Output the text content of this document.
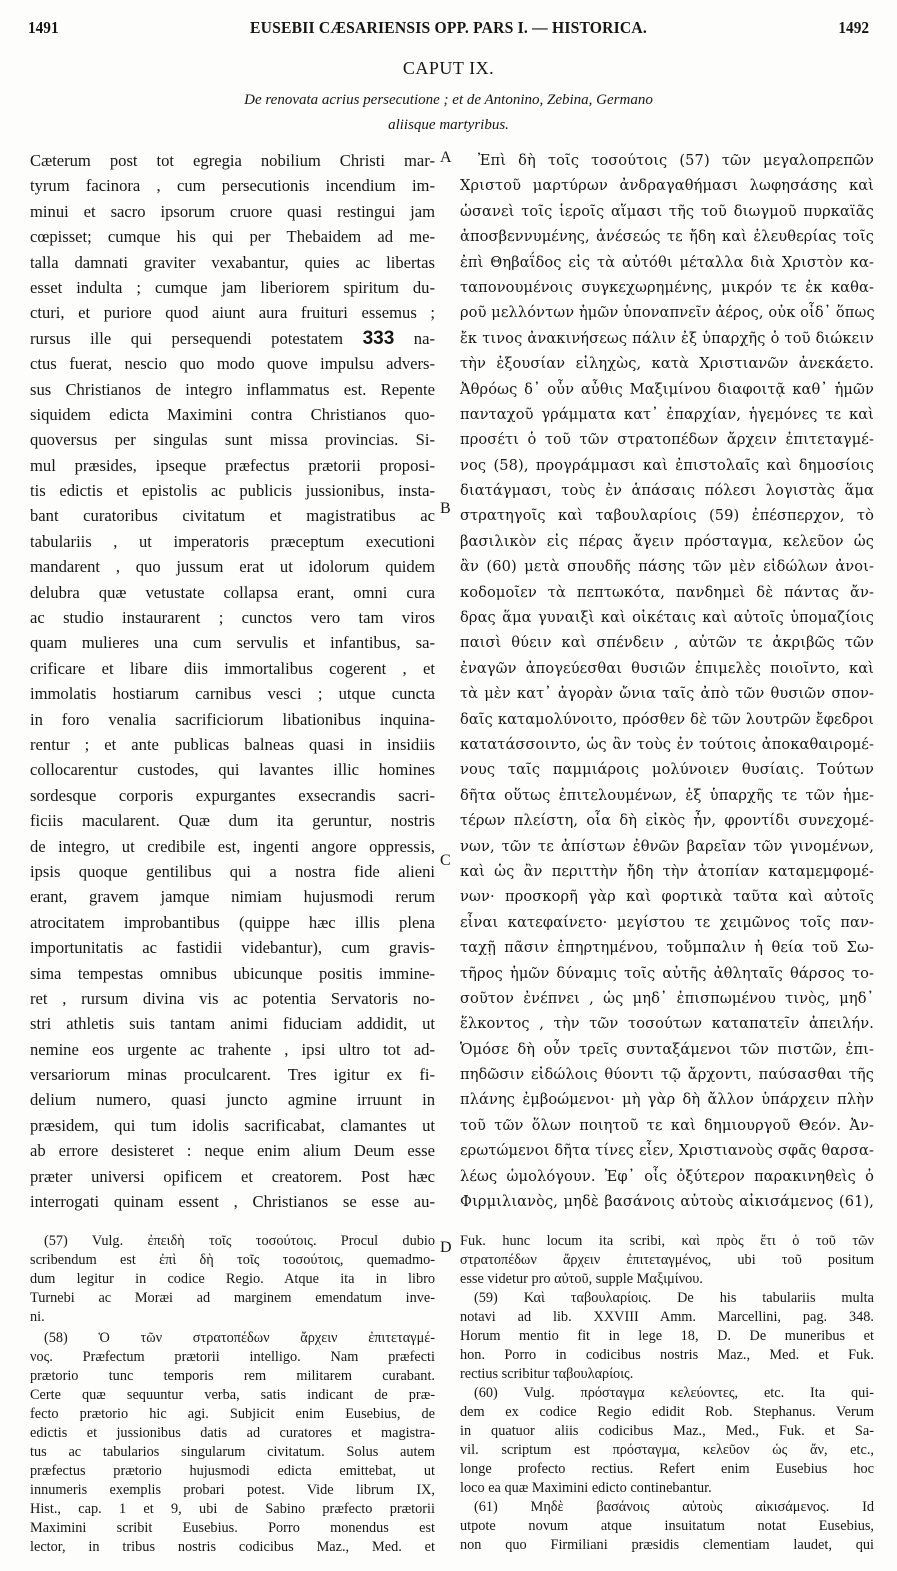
1491	EUSEBII CÆSARIENSIS OPP. PARS I. — HISTORICA.	1492
CAPUT IX.
De renovata acrius persecutione ; et de Antonino, Zebina, Germano
aliisque martyribus.
A
B
C
D
Cæterum post tot egregia nobilium Christi mar-
tyrum facinora , cum persecutionis incendium im-
minui et sacro ipsorum cruore quasi restingui jam
cœpisset; cumque his qui per Thebaidem ad me-
talla damnati graviter vexabantur, quies ac libertas
esset indulta ; cumque jam liberiorem spiritum du-
cturi, et puriore quod aiunt aura fruituri essemus ;
rursus ille qui persequendi potestatem 333 na-
ctus fuerat, nescio quo modo quove impulsu advers-
sus Christianos de integro inflammatus est. Repente
siquidem edicta Maximini contra Christianos quo-
quoversus per singulas sunt missa provincias. Si-
mul præsides, ipseque præfectus prætorii proposi-
tis edictis et epistolis ac publicis jussionibus, insta-
bant curatoribus civitatum et magistratibus ac
tabulariis , ut imperatoris præceptum executioni
mandarent , quo jussum erat ut idolorum quidem
delubra quæ vetustate collapsa erant, omni cura
ac studio instaurarent ; cunctos vero tam viros
quam mulieres una cum servulis et infantibus, sa-
crificare et libare diis immortalibus cogerent , et
immolatis hostiarum carnibus vesci ; utque cuncta
in foro venalia sacrificiorum libationibus inquina-
rentur ; et ante publicas balneas quasi in insidiis
collocarentur custodes, qui lavantes illic homines
sordesque corporis expurgantes exsecrandis sacri-
ficiis macularent. Quæ dum ita geruntur, nostris
de integro, ut credibile est, ingenti angore oppressis,
ipsis quoque gentilibus qui a nostra fide alieni
erant, gravem jamque nimiam hujusmodi rerum
atrocitatem improbantibus (quippe hæc illis plena
importunitatis ac fastidii videbantur), cum gravis-
sima tempestas omnibus ubicunque positis immine-
ret , rursum divina vis ac potentia Servatoris no-
stri athletis suis tantam animi fiduciam addidit, ut
nemine eos urgente ac trahente , ipsi ultro tot ad-
versariorum minas proculcarent. Tres igitur ex fi-
delium numero, quasi juncto agmine irruunt in
præsidem, qui tum idolis sacrificabat, clamantes ut
ab errore desisteret : neque enim alium Deum esse
præter universi opificem et creatorem. Post hæc
interrogati quinam essent , Christianos se esse au-
(57) Vulg. ἐπειδὴ τοῖς τοσούτοις. Procul dubio
scribendum est ἐπὶ δὴ τοῖς τοσούτοις, quemadmo-
dum legitur in codice Regio. Atque ita in libro
Turnebi ac Moræi ad marginem emendatum inve-
ni.
(58) Ὁ τῶν στρατοπέδων ἄρχειν ἐπιτεταγμέ-
νος. Præfectum prætorii intelligo. Nam præfecti
prætorio tunc temporis rem militarem curabant.
Certe quæ sequuntur verba, satis indicant de præ-
fecto prætorio hic agi. Subjicit enim Eusebius, de
edictis et jussionibus datis ad curatores et magistra-
tus ac tabularios singularum civitatum. Solus autem
præfectus prætorio hujusmodi edicta emittebat, ut
innumeris exemplis probari potest. Vide librum IX,
Hist., cap. 1 et 9, ubi de Sabino præfecto prætorii
Maximini scribit Eusebius. Porro monendus est
lector, in tribus nostris codicibus Maz., Med. et
Ἐπὶ δὴ τοῖς τοσούτοις (57) τῶν μεγαλοπρεπῶν
Χριστοῦ μαρτύρων ἀνδραγαθήμασι λωφησάσης καὶ
ὡσανεὶ τοῖς ἱεροῖς αἵμασι τῆς τοῦ διωγμοῦ πυρκαϊᾶς
ἀποσβεννυμένης, ἀνέσεώς τε ἤδη καὶ ἐλευθερίας τοῖς
ἐπὶ Θηβαΐδος εἰς τὰ αὐτόθι μέταλλα διὰ Χριστὸν κα-
ταπονουμένοις συγκεχωρημένης, μικρόν τε ἐκ καθα-
ροῦ μελλόντων ἡμῶν ὑποναπνεῖν ἀέρος, οὐκ οἶδ᾿ ὅπως
ἔκ τινος ἀνακινήσεως πάλιν ἐξ ὑπαρχῆς ὁ τοῦ διώκειν
τὴν ἐξουσίαν εἰληχὼς, κατὰ Χριστιανῶν ἀνεκάετο.
Ἀθρόως δ᾿ οὖν αὖθις Μαξιμίνου διαφοιτᾷ καθ᾿ ἡμῶν
πανταχοῦ γράμματα κατ᾿ ἐπαρχίαν, ἡγεμόνες τε καὶ
προσέτι ὁ τοῦ τῶν στρατοπέδων ἄρχειν ἐπιτεταγμέ-
νος (58), προγράμμασι καὶ ἐπιστολαῖς καὶ δημοσίοις
διατάγμασι, τοὺς ἐν ἁπάσαις πόλεσι λογιστὰς ἅμα
στρατηγοῖς καὶ ταβουλαρίοις (59) ἐπέσπερχον, τὸ
βασιλικὸν εἰς πέρας ἄγειν πρόσταγμα, κελεῦον ὡς
ἂν (60) μετὰ σπουδῆς πάσης τῶν μὲν εἰδώλων ἀνοι-
κοδομοῖεν τὰ πεπτωκότα, πανδημεὶ δὲ πάντας ἄν-
δρας ἅμα γυναιξὶ καὶ οἰκέταις καὶ αὐτοῖς ὑπομαζίοις
παισὶ θύειν καὶ σπένδειν , αὐτῶν τε ἀκριβῶς τῶν
ἐναγῶν ἀπογεύεσθαι θυσιῶν ἐπιμελὲς ποιοῖντο, καὶ
τὰ μὲν κατ᾿ ἀγορὰν ὤνια ταῖς ἀπὸ τῶν θυσιῶν σπον-
δαῖς καταμολύνοιτο, πρόσθεν δὲ τῶν λουτρῶν ἔφεδροι
κατατάσσοιντο, ὡς ἂν τοὺς ἐν τούτοις ἀποκαθαιρομέ-
νους ταῖς παμμιάροις μολύνοιεν θυσίαις. Τούτων
δῆτα οὕτως ἐπιτελουμένων, ἐξ ὑπαρχῆς τε τῶν ἡμε-
τέρων πλείστη, οἷα δὴ εἰκὸς ἦν, φροντίδι συνεχομέ-
νων, τῶν τε ἀπίστων ἐθνῶν βαρεῖαν τῶν γινομένων,
καὶ ὡς ἂν περιττὴν ἤδη τὴν ἀτοπίαν καταμεμφομέ-
νων· προσκορῆ γὰρ καὶ φορτικὰ ταῦτα καὶ αὐτοῖς
εἶναι κατεφαίνετο· μεγίστου τε χειμῶνος τοῖς παν-
ταχῇ πᾶσιν ἐπηρτημένου, τοὔμπαλιν ἡ θεία τοῦ Σω-
τῆρος ἡμῶν δύναμις τοῖς αὐτῆς ἀθληταῖς θάρσος το-
σοῦτον ἐνέπνει , ὡς μηδ᾿ ἐπισπωμένου τινὸς, μηδ᾿
ἕλκοντος , τὴν τῶν τοσούτων καταπατεῖν ἀπειλήν.
Ὁμόσε δὴ οὖν τρεῖς συνταξάμενοι τῶν πιστῶν, ἐπι-
πηδῶσιν εἰδώλοις θύοντι τῷ ἄρχοντι, παύσασθαι τῆς
πλάνης ἐμβοώμενοι· μὴ γὰρ δὴ ἄλλον ὑπάρχειν πλὴν
τοῦ τῶν ὅλων ποιητοῦ τε καὶ δημιουργοῦ Θεόν. Ἀν-
ερωτώμενοι δῆτα τίνες εἶεν, Χριστιανοὺς σφᾶς θαρσα-
λέως ὡμολόγουν. Ἐφ᾿ οἷς ὀξύτερον παρακινηθεὶς ὁ
Φιρμιλιανὸς, μηδὲ βασάνοις αὐτοὺς αἰκισάμενος (61),
Fuk. hunc locum ita scribi, καὶ πρὸς ἔτι ὁ τοῦ τῶν
στρατοπέδων ἄρχειν ἐπιτεταγμένος, ubi τοῦ positum
esse videtur pro αὐτοῦ, supple Μαξιμίνου.
(59) Καὶ ταβουλαρίοις. De his tabulariis multa
notavi ad lib. XXVIII Amm. Marcellini, pag. 348.
Horum mentio fit in lege 18, D. De muneribus et
hon. Porro in codicibus nostris Maz., Med. et Fuk.
rectius scribitur ταβουλαρίοις.
(60) Vulg. πρόσταγμα κελεύοντες, etc. Ita qui-
dem ex codice Regio edidit Rob. Stephanus. Verum
in quatuor aliis codicibus Maz., Med., Fuk. et Sa-
vil. scriptum est πρόσταγμα, κελεῦον ὡς ἄν, etc.,
longe profecto rectius. Refert enim Eusebius hoc
loco ea quæ Maximini edicto continebantur.
(61) Μηδὲ βασάνοις αὐτοὺς αἰκισάμενος. Id
utpote novum atque insuitatum notat Eusebius,
non quo Firmiliani præsidis clementiam laudet, qui
